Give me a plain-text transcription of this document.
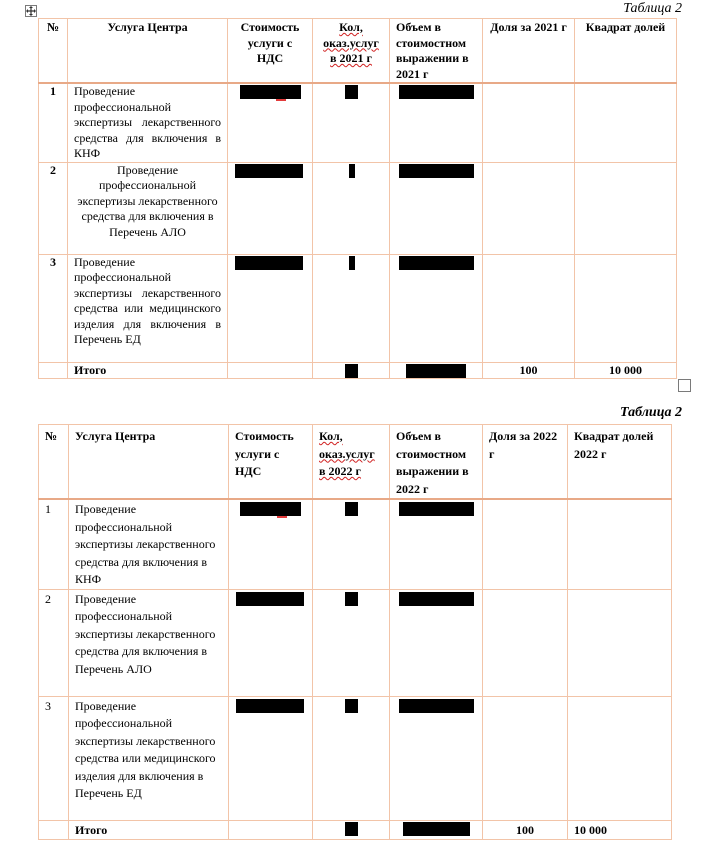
Таблица 2
№	Услуга Центра	Стоимость услуги с НДС	Кол, оказ.услуг в 2021 г	Объем в стоимостном выражении в 2021 г	Доля за 2021 г	Квадрат долей
1	Проведение профессиональной экспертизы лекарственного средства для включения в КНФ	

2	Проведение профессиональной экспертизы лекарственного средства для включения в Перечень АЛО	

3	Проведение профессиональной экспертизы лекарственного средства или медицинского изделия для включения в Перечень ЕД	

	Итого				100	10 000
Таблица 2
№	Услуга Центра	Стоимость услуги с НДС	Кол, оказ.услуг в 2022 г	Объем в стоимостном выражении в 2022 г	Доля за 2022 г	Квадрат долей 2022 г
1	Проведение профессиональной экспертизы лекарственного средства для включения в КНФ	

2	Проведение профессиональной экспертизы лекарственного средства для включения в Перечень АЛО	

3	Проведение профессиональной экспертизы лекарственного средства или медицинского изделия для включения в Перечень ЕД	

	Итого				100	10 000
